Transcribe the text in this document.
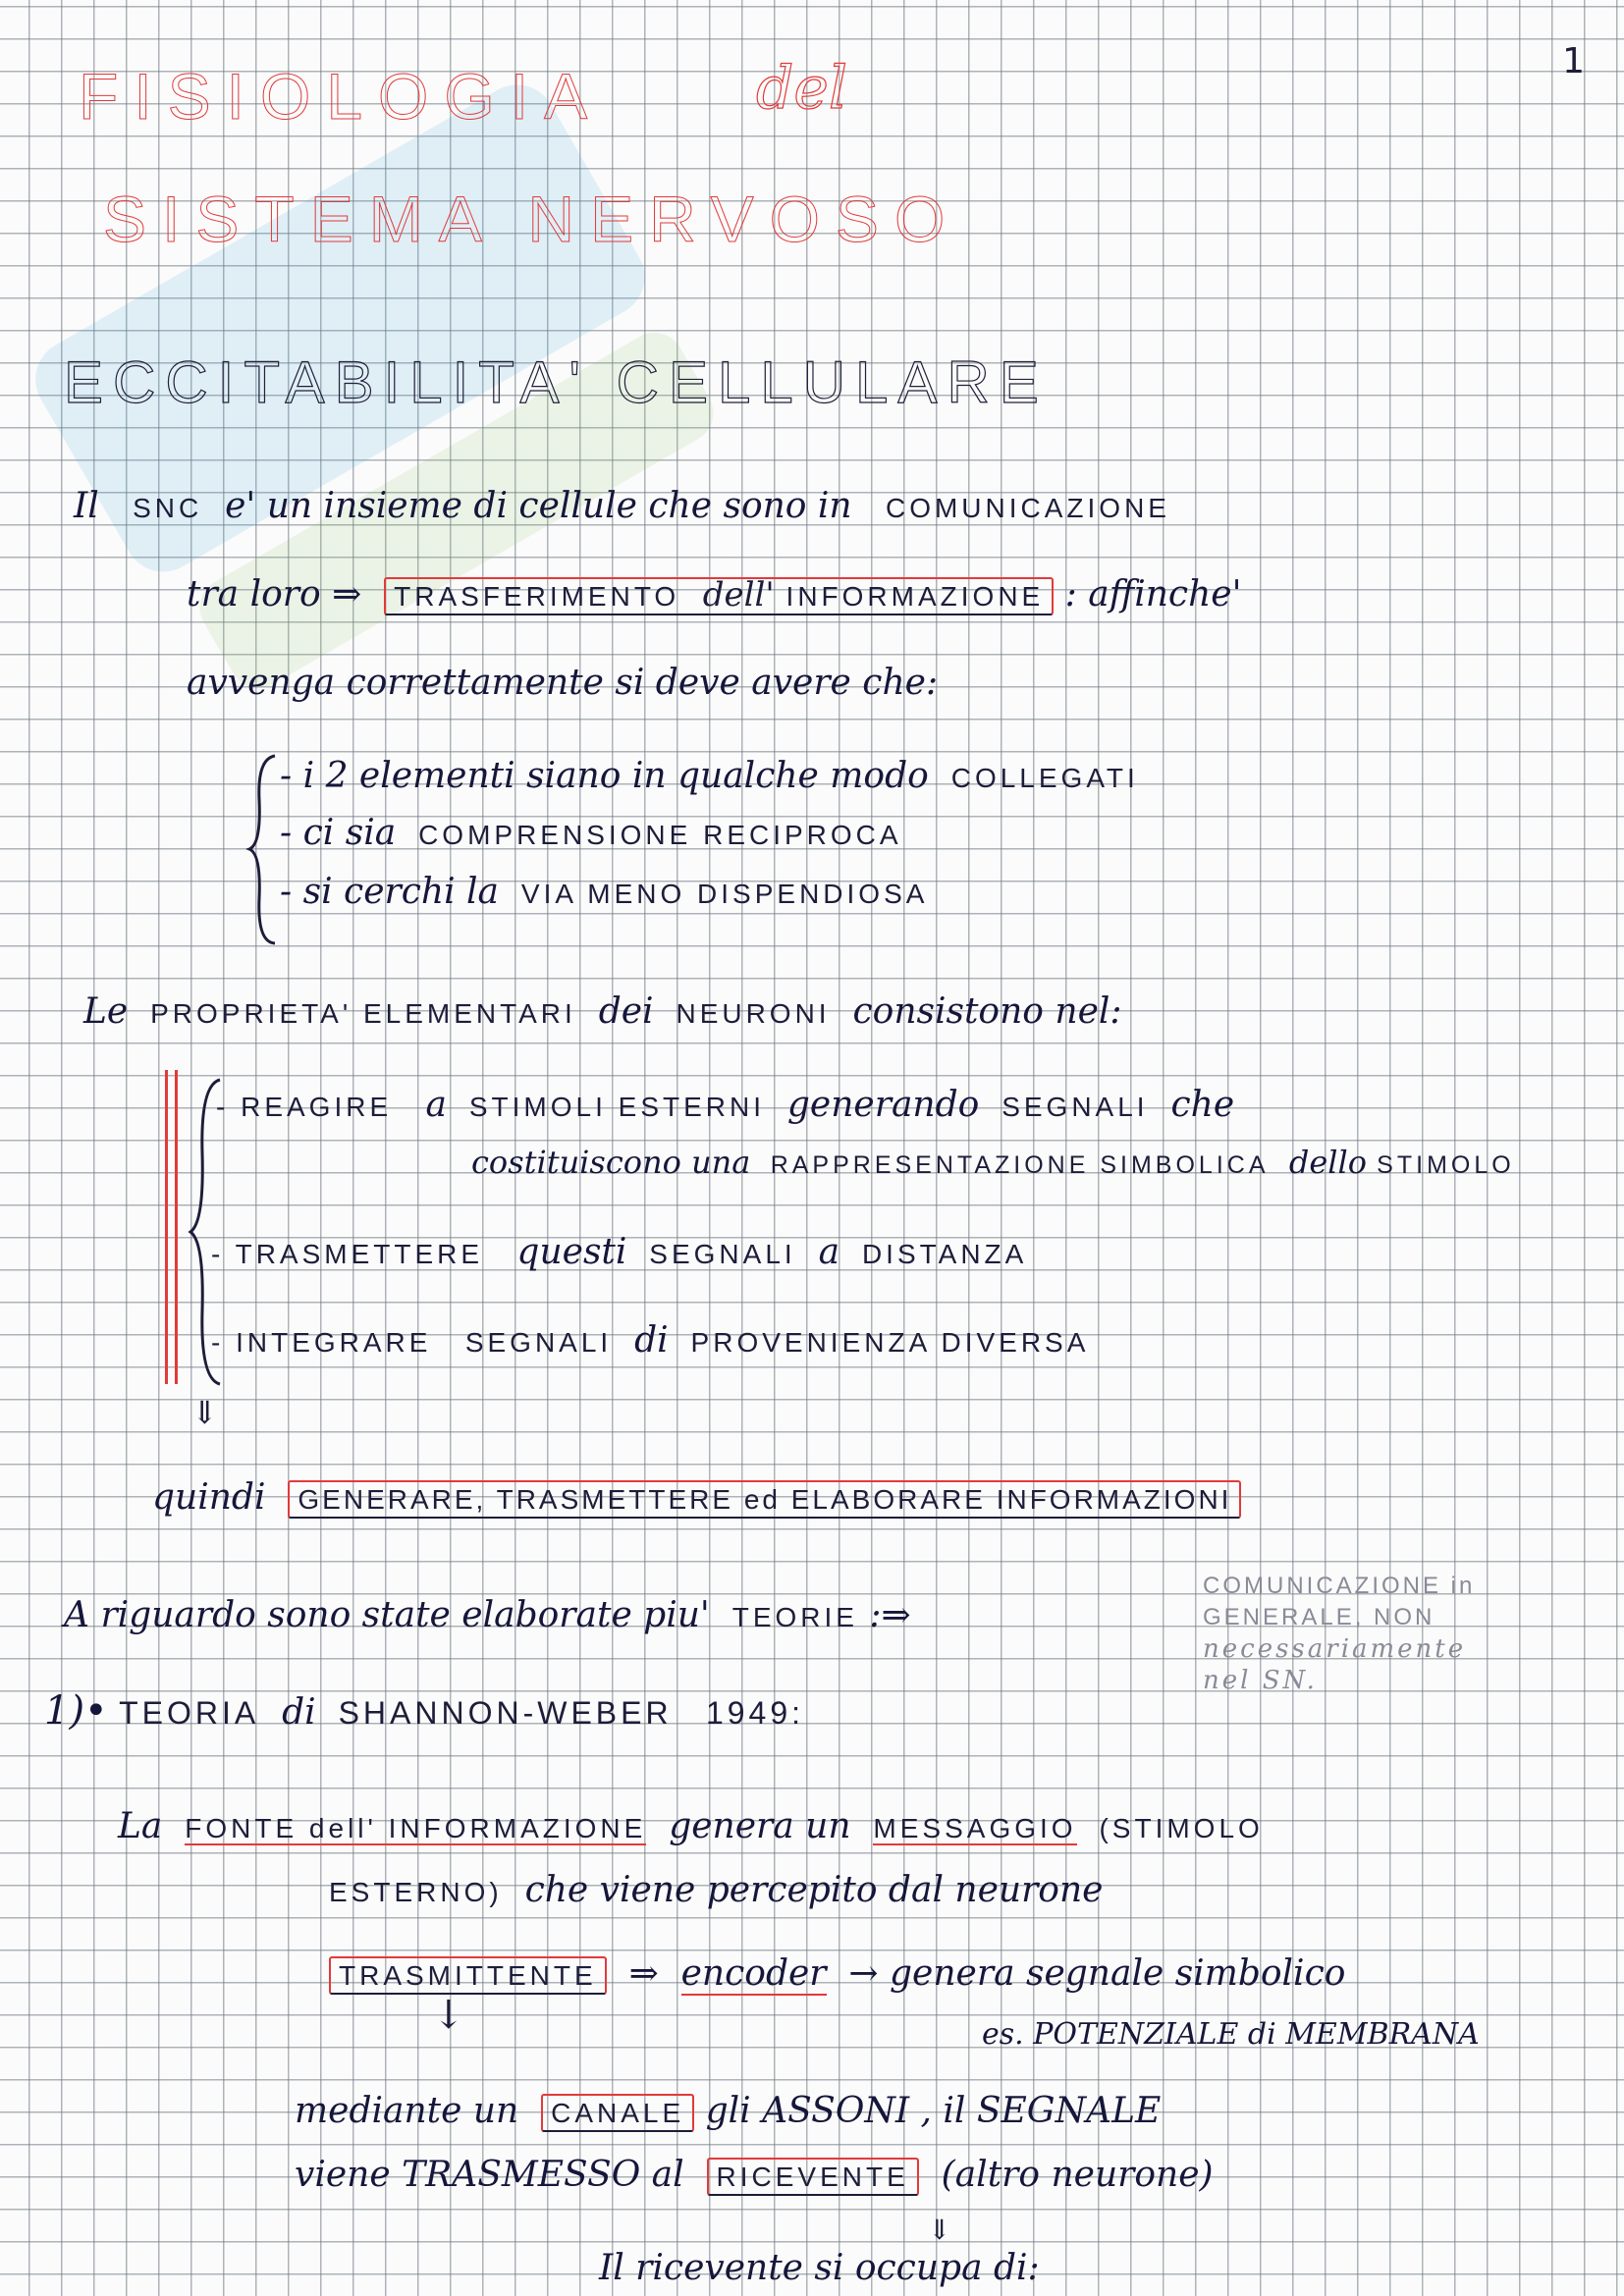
1
FISIOLOGIA	del
SISTEMA NERVOSO
ECCITABILITA' CELLULARE
Il SNC e' un insieme di cellule che sono in COMUNICAZIONE
tra loro ⇒ TRASFERIMENTO dell' INFORMAZIONE : affinche'
avvenga correttamente si deve avere che:
- i 2 elementi siano in qualche modo COLLEGATI
- ci sia COMPRENSIONE RECIPROCA
- si cerchi la VIA MENO DISPENDIOSA
Le PROPRIETA' ELEMENTARI dei NEURONI consistono nel:
- REAGIRE a STIMOLI ESTERNI generando SEGNALI che
costituiscono una RAPPRESENTAZIONE SIMBOLICA dello STIMOLO
- TRASMETTERE questi SEGNALI a DISTANZA
- INTEGRARE SEGNALI di PROVENIENZA DIVERSA
⇓
quindi GENERARE, TRASMETTERE ed ELABORARE INFORMAZIONI
A riguardo sono state elaborate piu' TEORIE :⇒
COMUNICAZIONE in
GENERALE, NON
necessariamente
nel SN.
1)• TEORIA di SHANNON-WEBER 1949:
La FONTE dell' INFORMAZIONE genera un MESSAGGIO (STIMOLO
ESTERNO) che viene percepito dal neurone
TRASMITTENTE ⇒ encoder → genera segnale simbolico
es. POTENZIALE di MEMBRANA
↓
mediante un CANALE gli ASSONI , il SEGNALE
viene TRASMESSO al RICEVENTE (altro neurone)
⇓
Il ricevente si occupa di:
